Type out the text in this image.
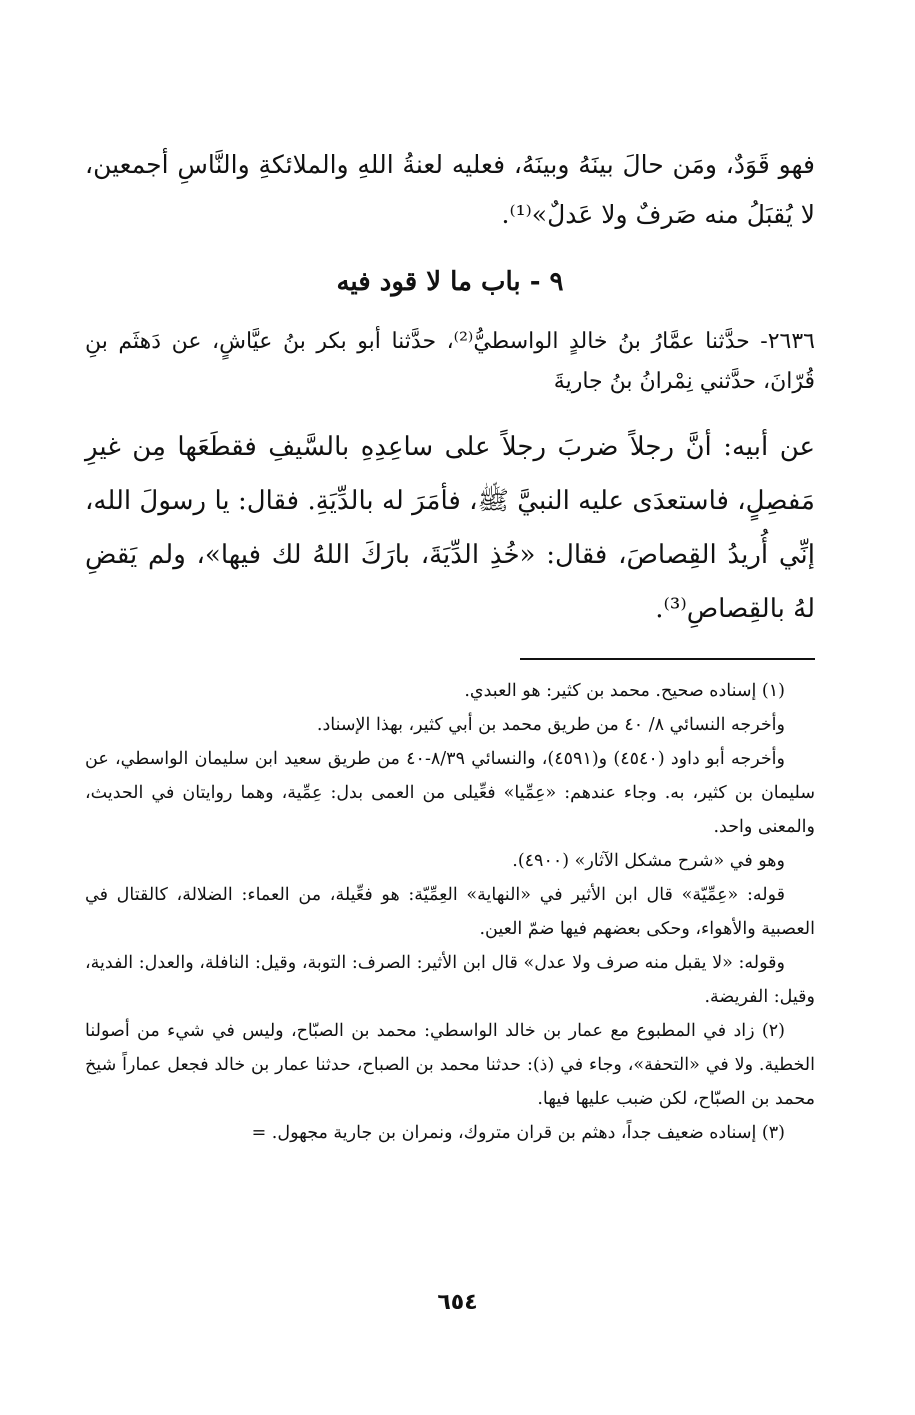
فهو قَوَدٌ، ومَن حالَ بينَهُ وبينَهُ، فعليه لعنةُ اللهِ والملائكةِ والنَّاسِ أجمعين، لا يُقبَلُ منه صَرفٌ ولا عَدلٌ»⁽¹⁾.

٩ - باب ما لا قود فيه

٢٦٣٦- حدَّثنا عمَّارُ بنُ خالدٍ الواسطيُّ⁽²⁾، حدَّثنا أبو بكر بنُ عيَّاشٍ، عن دَهثَم بنِ قُرّانَ، حدَّثني نِمْرانُ بنُ جاريةَ

عن أبيه: أنَّ رجلاً ضربَ رجلاً على ساعِدِهِ بالسَّيفِ فقطَعَها مِن غيرِ مَفصِلٍ، فاستعدَى عليه النبيَّ ﷺ، فأمَرَ له بالدِّيَةِ. فقال: يا رسولَ الله، إنِّي أُريدُ القِصاصَ، فقال: «خُذِ الدِّيَةَ، بارَكَ اللهُ لك فيها»، ولم يَقضِ لهُ بالقِصاصِ⁽³⁾.

(١) إسناده صحيح. محمد بن كثير: هو العبدي.

وأخرجه النسائي ٨/ ٤٠ من طريق محمد بن أبي كثير، بهذا الإسناد.

وأخرجه أبو داود (٤٥٤٠) و(٤٥٩١)، والنسائي ٨/٣٩-٤٠ من طريق سعيد ابن سليمان الواسطي، عن سليمان بن كثير، به. وجاء عندهم: «عِمِّيا» فعِّيلى من العمى بدل: عِمِّية، وهما روايتان في الحديث، والمعنى واحد.

وهو في «شرح مشكل الآثار» (٤٩٠٠).

قوله: «عِمِّيّة» قال ابن الأثير في «النهاية» العِمِّيّة: هو فعِّيلة، من العماء: الضلالة، كالقتال في العصبية والأهواء، وحكى بعضهم فيها ضمّ العين.

وقوله: «لا يقبل منه صرف ولا عدل» قال ابن الأثير: الصرف: التوبة، وقيل: النافلة، والعدل: الفدية، وقيل: الفريضة.

(٢) زاد في المطبوع مع عمار بن خالد الواسطي: محمد بن الصبّاح، وليس في شيء من أصولنا الخطية. ولا في «التحفة»، وجاء في (ذ): حدثنا محمد بن الصباح، حدثنا عمار بن خالد فجعل عماراً شيخ محمد بن الصبّاح، لكن ضبب عليها فيها.

(٣) إسناده ضعيف جداً، دهثم بن قران متروك، ونمران بن جارية مجهول. =

٦٥٤
